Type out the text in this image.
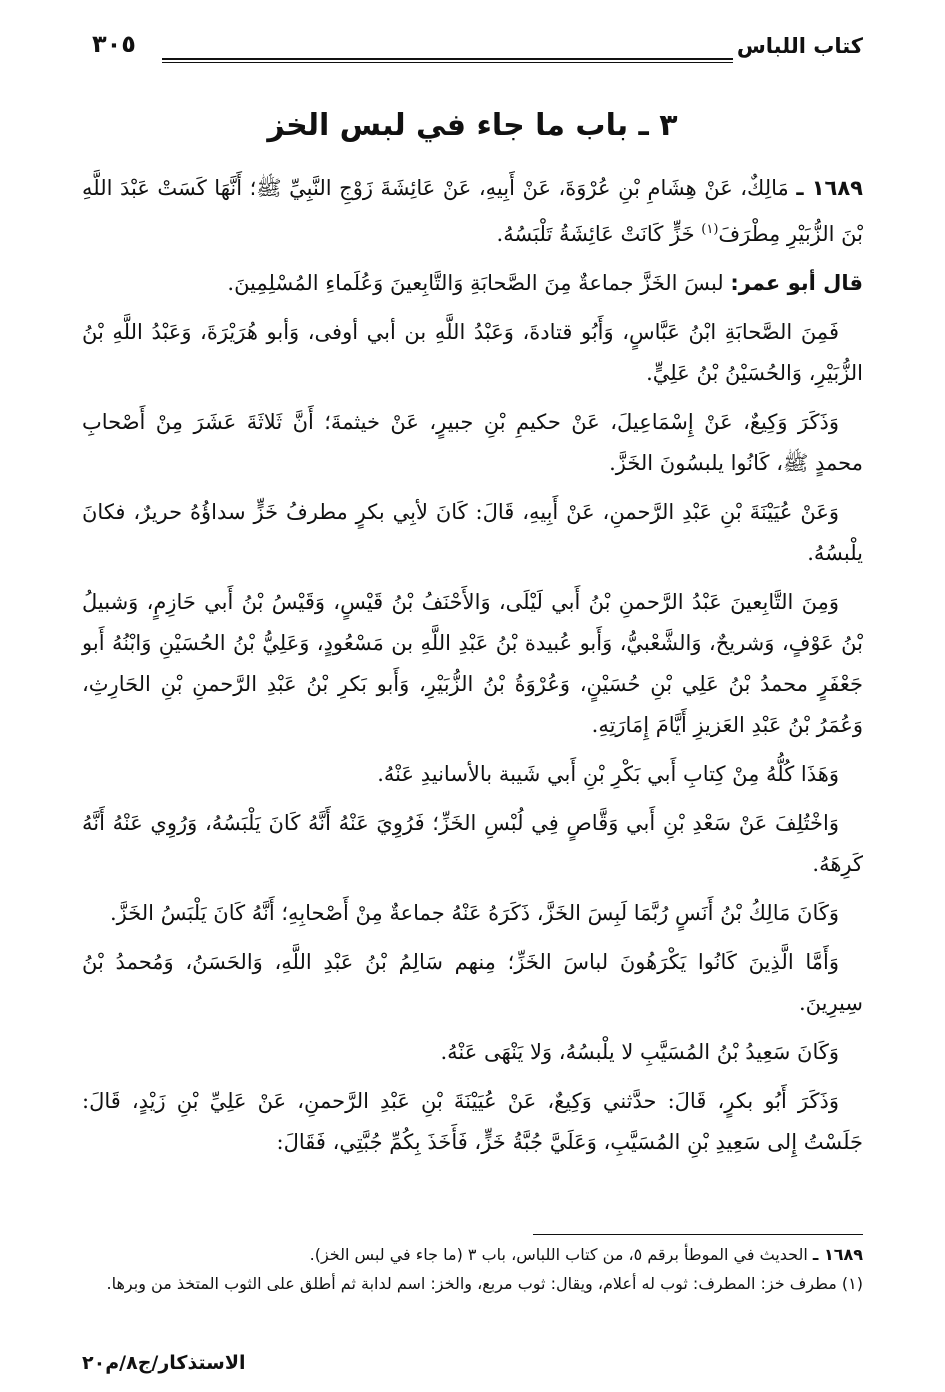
كتاب اللباس
٣٠٥
٣ ـ باب ما جاء في لبس الخز

١٦٨٩ ـ مَالِكٌ، عَنْ هِشَامِ بْنِ عُرْوَةَ، عَنْ أَبِيهِ، عَنْ عَائِشَةَ زَوْجِ النَّبِيِّ ﷺ؛ أَنَّهَا كَسَتْ عَبْدَ اللَّهِ بْنَ الزُّبَيْرِ مِطْرَفَ$^{(١)}$ خَزٍّ كَانَتْ عَائِشَةُ تَلْبَسُهُ.

قال أبو عمر: لبسَ الخَزَّ جماعةٌ مِنَ الصَّحابَةِ وَالتَّابِعينَ وَعُلَماءِ المُسْلِمِينَ.

فَمِنَ الصَّحابَةِ ابْنُ عَبَّاسٍ، وَأَبُو قتادةَ، وَعَبْدُ اللَّهِ بن أبي أوفى، وَأبو هُرَيْرَةَ، وَعَبْدُ اللَّهِ بْنُ الزُّبَيْرِ، وَالحُسَيْنُ بْنُ عَلِيٍّ.

وَذَكَرَ وَكِيعٌ، عَنْ إِسْمَاعِيلَ، عَنْ حكيمِ بْنِ جبيرٍ، عَنْ خيثمةَ؛ أَنَّ ثَلاثَةَ عَشَرَ مِنْ أَصْحابِ محمدٍ ﷺ، كَانُوا يلبسُونَ الخَزَّ.

وَعَنْ عُيَيْنَةَ بْنِ عَبْدِ الرَّحمنِ، عَنْ أَبِيهِ، قَالَ: كَانَ لأبِي بكرٍ مطرفُ خَزٍّ سداؤُهُ حريرٌ، فكانَ يلْبسُهُ.

وَمِنَ التَّابِعينَ عَبْدُ الرَّحمنِ بْنُ أَبي لَيْلَى، وَالأَحْنَفُ بْنُ قَيْسٍ، وَقَيْسُ بْنُ أَبي حَازِمٍ، وَشبيلُ بْنُ عَوْفٍ، وَشريحٌ، وَالشَّعْبيُّ، وَأَبو عُبيدة بْنُ عَبْدِ اللَّهِ بن مَسْعُودٍ، وَعَلِيُّ بْنُ الحُسَيْنِ وَابْنُهُ أَبو جَعْفَرٍ محمدُ بْنُ عَلِي بْنِ حُسَيْنٍ، وَعُرْوَةُ بْنُ الزُّبَيْرِ، وَأَبو بَكرِ بْنُ عَبْدِ الرَّحمنِ بْنِ الحَارِثِ، وَعُمَرُ بْنُ عَبْدِ العَزيزِ أَيَّامَ إِمَارَتِهِ.

وَهَذَا كُلُّهُ مِنْ كِتابِ أَبي بَكْرِ بْنِ أَبي شَيبة بالأسانيدِ عَنْهُ.

وَاخْتُلِفَ عَنْ سَعْدِ بْنِ أَبي وَقَّاصٍ فِي لُبْسِ الخَزِّ؛ فَرُوِيَ عَنْهُ أَنَّهُ كَانَ يَلْبَسُهُ، وَرُوِي عَنْهُ أَنَّهُ كَرِهَهُ.

وَكَانَ مَالِكُ بْنُ أَنَسٍ رُبَّمَا لَبِسَ الخَزَّ، ذَكَرَهُ عَنْهُ جماعةٌ مِنْ أَصْحابِهِ؛ أَنَّهُ كَانَ يَلْبَسُ الخَزَّ.

وَأَمَّا الَّذِينَ كَانُوا يَكْرَهُونَ لباسَ الخَزِّ؛ مِنهم سَالِمُ بْنُ عَبْدِ اللَّهِ، وَالحَسَنُ، وَمُحمدُ بْنُ سِيرِينَ.

وَكَانَ سَعِيدُ بْنُ المُسَيَّبِ لا يلْبسُهُ، وَلا يَنْهَى عَنْهُ.

وَذَكَرَ أَبُو بكرٍ، قَالَ: حدَّثني وَكِيعٌ، عَنْ عُيَيْنَةَ بْنِ عَبْدِ الرَّحمنِ، عَنْ عَلِيِّ بْنِ زَيْدٍ، قَالَ: جَلَسْتُ إِلى سَعِيدِ بْنِ المُسَيَّبِ، وَعَلَيَّ جُبَّةُ خَزٍّ، فَأَخَذَ بِكُمِّ جُبَّتِي، فَقَالَ:

١٦٨٩ ـ الحديث في الموطأ برقم ٥، من كتاب اللباس، باب ٣ (ما جاء في لبس الخز).

(١) مطرف خز: المطرف: ثوب له أعلام، ويقال: ثوب مربع، والخز: اسم لدابة ثم أطلق على الثوب المتخذ من وبرها.

الاستذكار/ج٨/م٢٠
